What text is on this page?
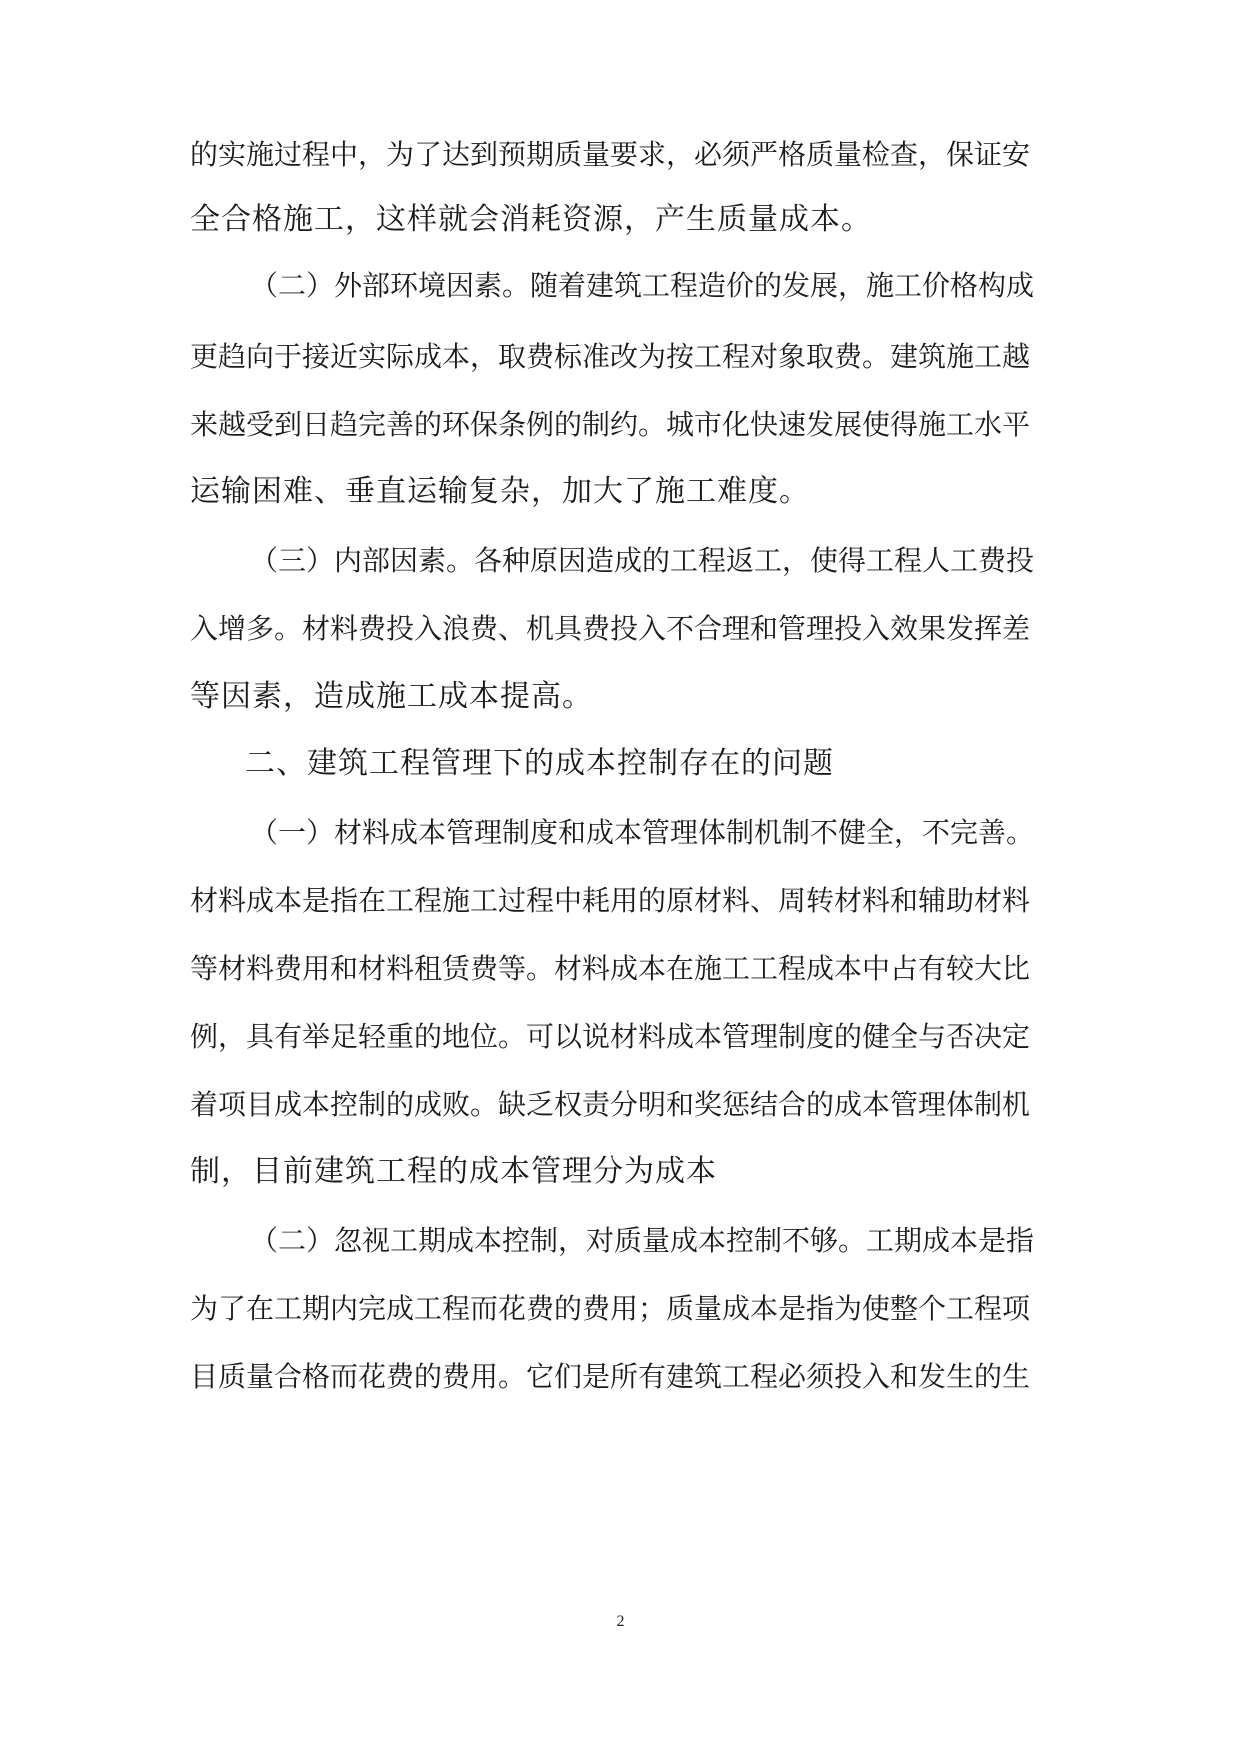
的实施过程中，为了达到预期质量要求，必须严格质量检查，保证安
全合格施工，这样就会消耗资源，产生质量成本。
（二）外部环境因素。随着建筑工程造价的发展，施工价格构成
更趋向于接近实际成本，取费标准改为按工程对象取费。建筑施工越
来越受到日趋完善的环保条例的制约。城市化快速发展使得施工水平
运输困难、垂直运输复杂，加大了施工难度。
（三）内部因素。各种原因造成的工程返工，使得工程人工费投
入增多。材料费投入浪费、机具费投入不合理和管理投入效果发挥差
等因素，造成施工成本提高。
二、建筑工程管理下的成本控制存在的问题
（一）材料成本管理制度和成本管理体制机制不健全，不完善。
材料成本是指在工程施工过程中耗用的原材料、周转材料和辅助材料
等材料费用和材料租赁费等。材料成本在施工工程成本中占有较大比
例，具有举足轻重的地位。可以说材料成本管理制度的健全与否决定
着项目成本控制的成败。缺乏权责分明和奖惩结合的成本管理体制机
制，目前建筑工程的成本管理分为成本
（二）忽视工期成本控制，对质量成本控制不够。工期成本是指
为了在工期内完成工程而花费的费用；质量成本是指为使整个工程项
目质量合格而花费的费用。它们是所有建筑工程必须投入和发生的生
2
